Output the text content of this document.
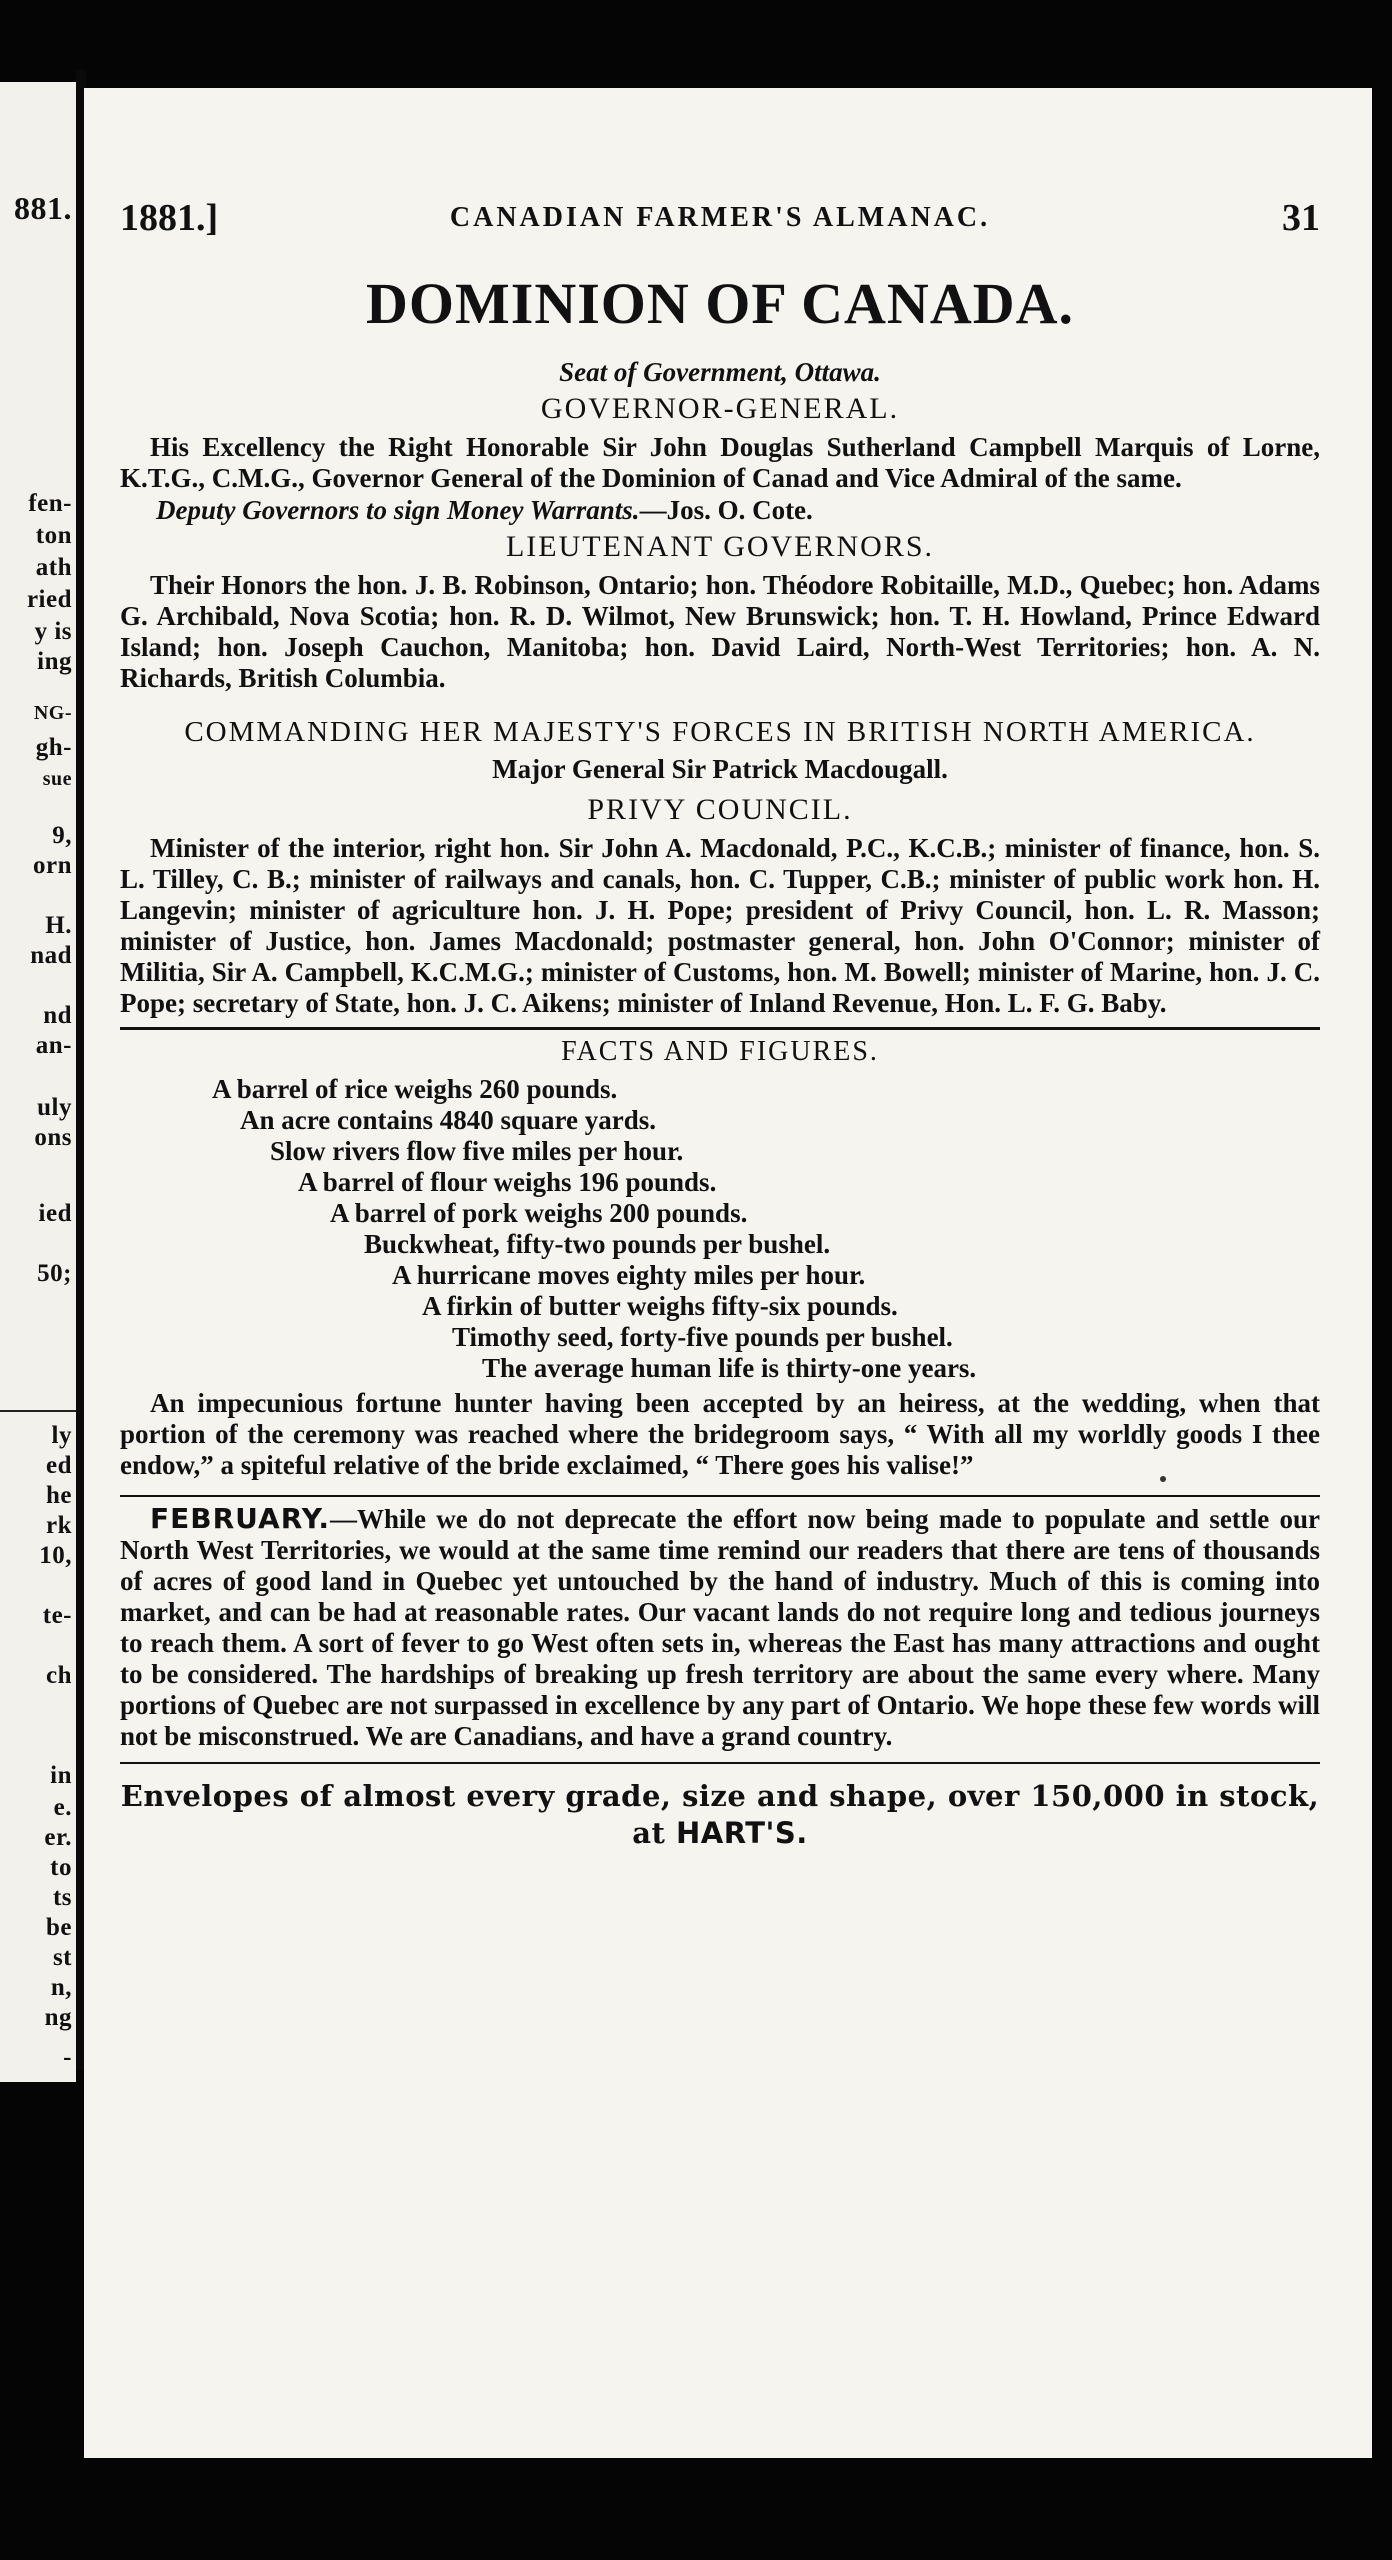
881.
fen-
ton
ath
ried
y is
ing
NG-
gh-
sue
9,
orn
H.
nad
nd
an-
uly
ons
ied
50;
ly
ed
he
rk
10,
te-
ch
in
e.
er.
to
ts
be
st
n,
ng
-
1881.]	CANADIAN FARMER'S ALMANAC.	31
DOMINION OF CANADA.
Seat of Government, Ottawa.
GOVERNOR-GENERAL.

His Excellency the Right Honorable Sir John Douglas Sutherland Campbell Marquis of Lorne, K.T.G., C.M.G., Governor General of the Dominion of Canad and Vice Admiral of the same.

Deputy Governors to sign Money Warrants.—Jos. O. Cote.

LIEUTENANT GOVERNORS.

Their Honors the hon. J. B. Robinson, Ontario; hon. Théodore Robitaille, M.D., Quebec; hon. Adams G. Archibald, Nova Scotia; hon. R. D. Wilmot, New Brunswick; hon. T. H. Howland, Prince Edward Island; hon. Joseph Cauchon, Manitoba; hon. David Laird, North-West Territories; hon. A. N. Richards, British Columbia.

COMMANDING HER MAJESTY'S FORCES IN BRITISH NORTH AMERICA.
Major General Sir Patrick Macdougall.
PRIVY COUNCIL.

Minister of the interior, right hon. Sir John A. Macdonald, P.C., K.C.B.; minister of finance, hon. S. L. Tilley, C. B.; minister of railways and canals, hon. C. Tupper, C.B.; minister of public work hon. H. Langevin; minister of agriculture hon. J. H. Pope; president of Privy Council, hon. L. R. Masson; minister of Justice, hon. James Macdonald; postmaster general, hon. John O'Connor; minister of Militia, Sir A. Campbell, K.C.M.G.; minister of Customs, hon. M. Bowell; minister of Marine, hon. J. C. Pope; secretary of State, hon. J. C. Aikens; minister of Inland Revenue, Hon. L. F. G. Baby.

FACTS AND FIGURES.
A barrel of rice weighs 260 pounds.
An acre contains 4840 square yards.
Slow rivers flow five miles per hour.
A barrel of flour weighs 196 pounds.
A barrel of pork weighs 200 pounds.
Buckwheat, fifty-two pounds per bushel.
A hurricane moves eighty miles per hour.
A firkin of butter weighs fifty-six pounds.
Timothy seed, forty-five pounds per bushel.
The average human life is thirty-one years.

An impecunious fortune hunter having been accepted by an heiress, at the wedding, when that portion of the ceremony was reached where the bridegroom says, “ With all my worldly goods I thee endow,” a spiteful relative of the bride exclaimed, “ There goes his valise!”

FEBRUARY.—While we do not deprecate the effort now being made to populate and settle our North West Territories, we would at the same time remind our readers that there are tens of thousands of acres of good land in Quebec yet untouched by the hand of industry. Much of this is coming into market, and can be had at reasonable rates. Our vacant lands do not require long and tedious journeys to reach them. A sort of fever to go West often sets in, whereas the East has many attractions and ought to be considered. The hardships of breaking up fresh territory are about the same every where. Many portions of Quebec are not surpassed in excellence by any part of Ontario. We hope these few words will not be misconstrued. We are Canadians, and have a grand country.

Envelopes of almost every grade, size and shape, over 150,000 in stock, at HART'S.
